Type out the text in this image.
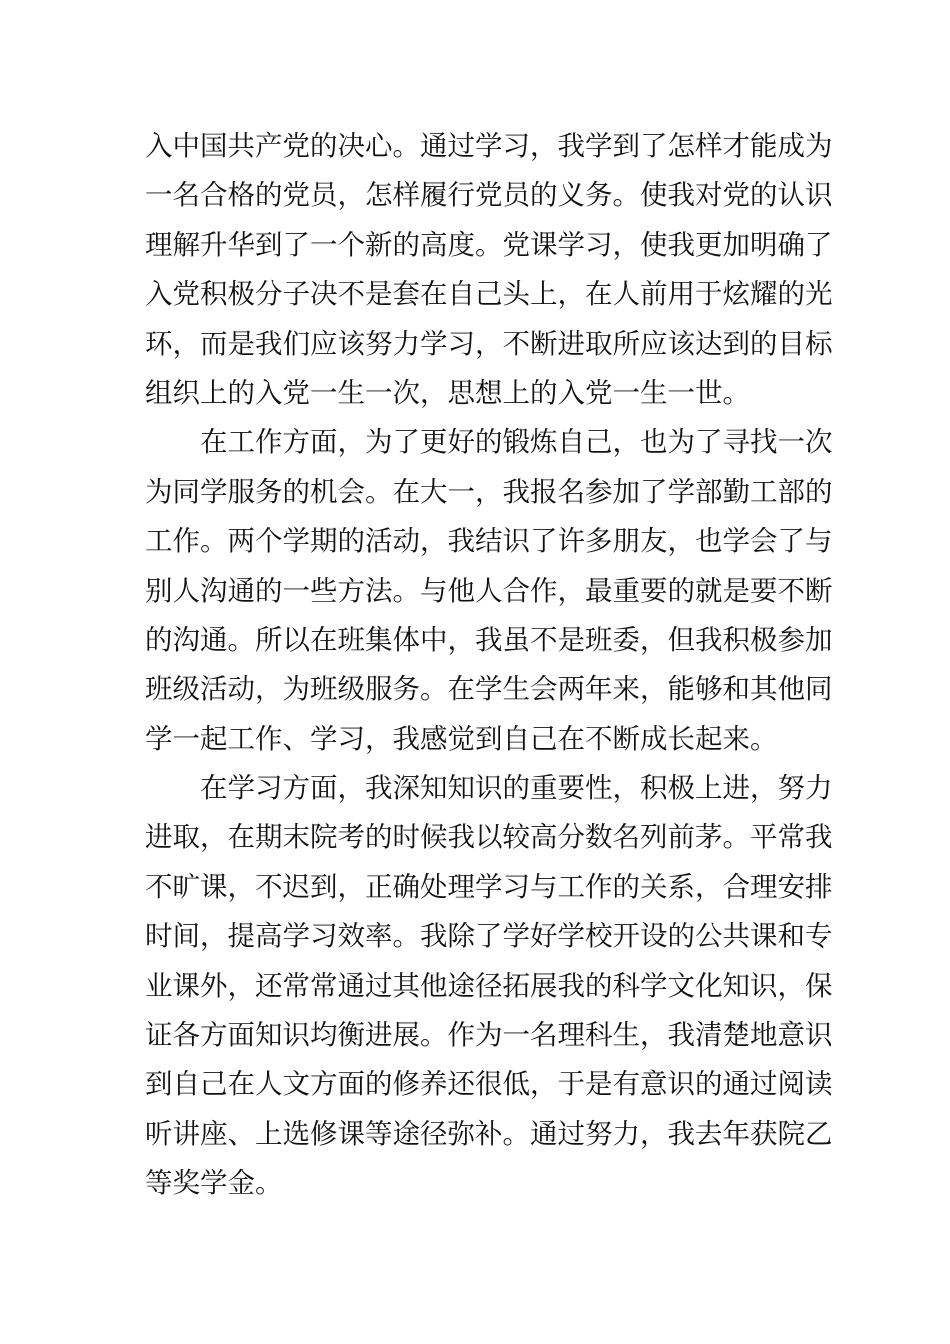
入中国共产党的决心。通过学习，我学到了怎样才能成为
一名合格的党员，怎样履行党员的义务。使我对党的认识
理解升华到了一个新的高度。党课学习，使我更加明确了
入党积极分子决不是套在自己头上，在人前用于炫耀的光
环，而是我们应该努力学习，不断进取所应该达到的目标
组织上的入党一生一次，思想上的入党一生一世。
在工作方面，为了更好的锻炼自己，也为了寻找一次
为同学服务的机会。在大一，我报名参加了学部勤工部的
工作。两个学期的活动，我结识了许多朋友，也学会了与
别人沟通的一些方法。与他人合作，最重要的就是要不断
的沟通。所以在班集体中，我虽不是班委，但我积极参加
班级活动，为班级服务。在学生会两年来，能够和其他同
学一起工作、学习，我感觉到自己在不断成长起来。
在学习方面，我深知知识的重要性，积极上进，努力
进取，在期末院考的时候我以较高分数名列前茅。平常我
不旷课，不迟到，正确处理学习与工作的关系，合理安排
时间，提高学习效率。我除了学好学校开设的公共课和专
业课外，还常常通过其他途径拓展我的科学文化知识，保
证各方面知识均衡进展。作为一名理科生，我清楚地意识
到自己在人文方面的修养还很低，于是有意识的通过阅读
听讲座、上选修课等途径弥补。通过努力，我去年获院乙
等奖学金。
